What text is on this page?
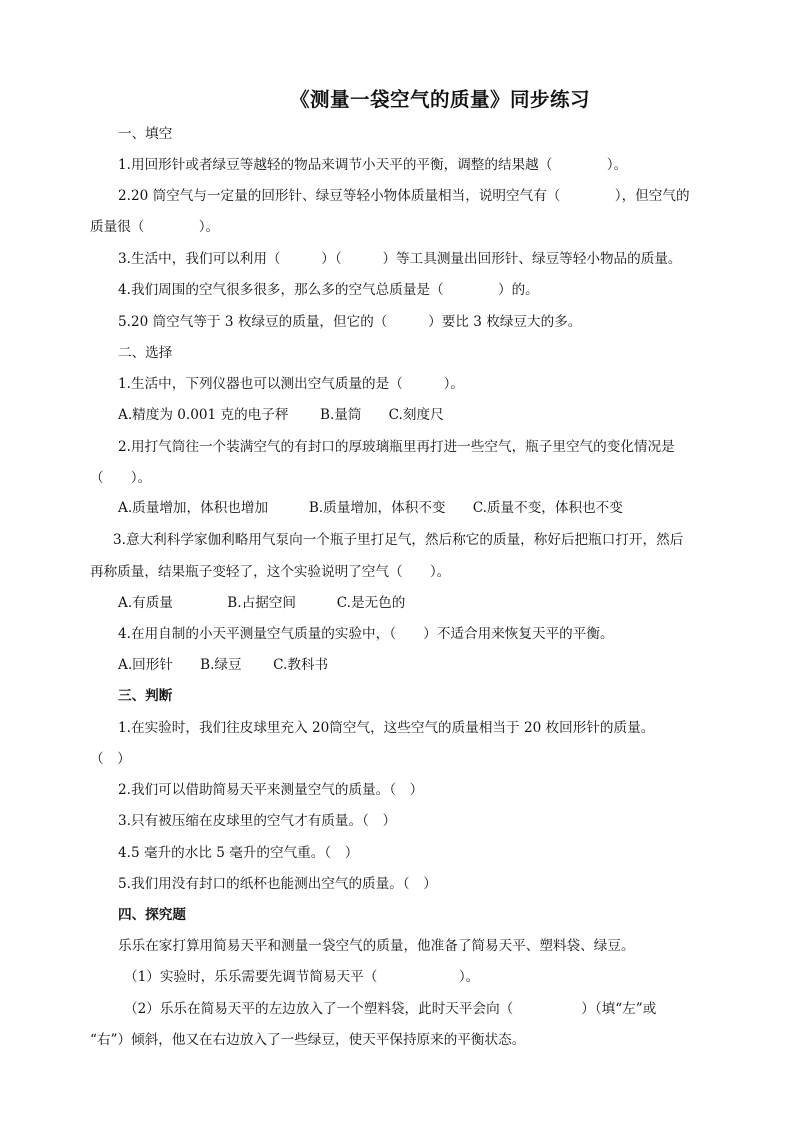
《测量一袋空气的质量》同步练习
一、填空
1.用回形针或者绿豆等越轻的物品来调节小天平的平衡，调整的结果越（　　　　）。
2.20 筒空气与一定量的回形针、绿豆等轻小物体质量相当，说明空气有（　　　　），但空气的
质量很（　　　　）。
3.生活中，我们可以利用（　　　）（　　　）等工具测量出回形针、绿豆等轻小物品的质量。
4.我们周围的空气很多很多，那么多的空气总质量是（　　　　）的。
5.20 筒空气等于 3 枚绿豆的质量，但它的（　　　）要比 3 枚绿豆大的多。
二、选择
1.生活中，下列仪器也可以测出空气质量的是（　　　）。
A.精度为 0.001 克的电子秤　　 B.量筒　　C.刻度尺
2.用打气筒往一个装满空气的有封口的厚玻璃瓶里再打进一些空气，瓶子里空气的变化情况是
（　　）。
A.质量增加，体积也增加　　　B.质量增加，体积不变　　C.质量不变，体积也不变
3.意大利科学家伽利略用气泵向一个瓶子里打足气，然后称它的质量，称好后把瓶口打开，然后
再称质量，结果瓶子变轻了，这个实验说明了空气（　　）。
A.有质量　　　　B.占据空间　　　C.是无色的
4.在用自制的小天平测量空气质量的实验中，（　　）不适合用来恢复天平的平衡。
A.回形针　　B.绿豆　　 C.教科书
三、判断
1.在实验时，我们往皮球里充入 20筒空气，这些空气的质量相当于 20 枚回形针的质量。
（　）
2.我们可以借助简易天平来测量空气的质量。（　）
3.只有被压缩在皮球里的空气才有质量。（　）
4.5 毫升的水比 5 毫升的空气重。（　）
5.我们用没有封口的纸杯也能测出空气的质量。（　）
四、探究题
乐乐在家打算用简易天平和测量一袋空气的质量，他准备了简易天平、塑料袋、绿豆。
（1）实验时，乐乐需要先调节简易天平（　　　　　　）。
（2）乐乐在简易天平的左边放入了一个塑料袋，此时天平会向（　　　　　）（填“左”或
“右”）倾斜，他又在右边放入了一些绿豆，使天平保持原来的平衡状态。
